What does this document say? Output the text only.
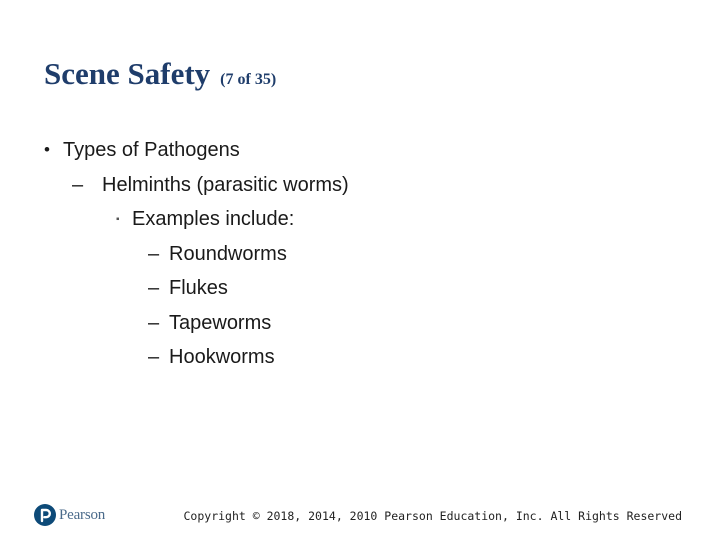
Scene Safety (7 of 35)
• Types of Pathogens
– Helminths (parasitic worms)
▪ Examples include:
– Roundworms
– Flukes
– Tapeworms
– Hookworms
Pearson	Copyright © 2018, 2014, 2010 Pearson Education, Inc. All Rights Reserved
